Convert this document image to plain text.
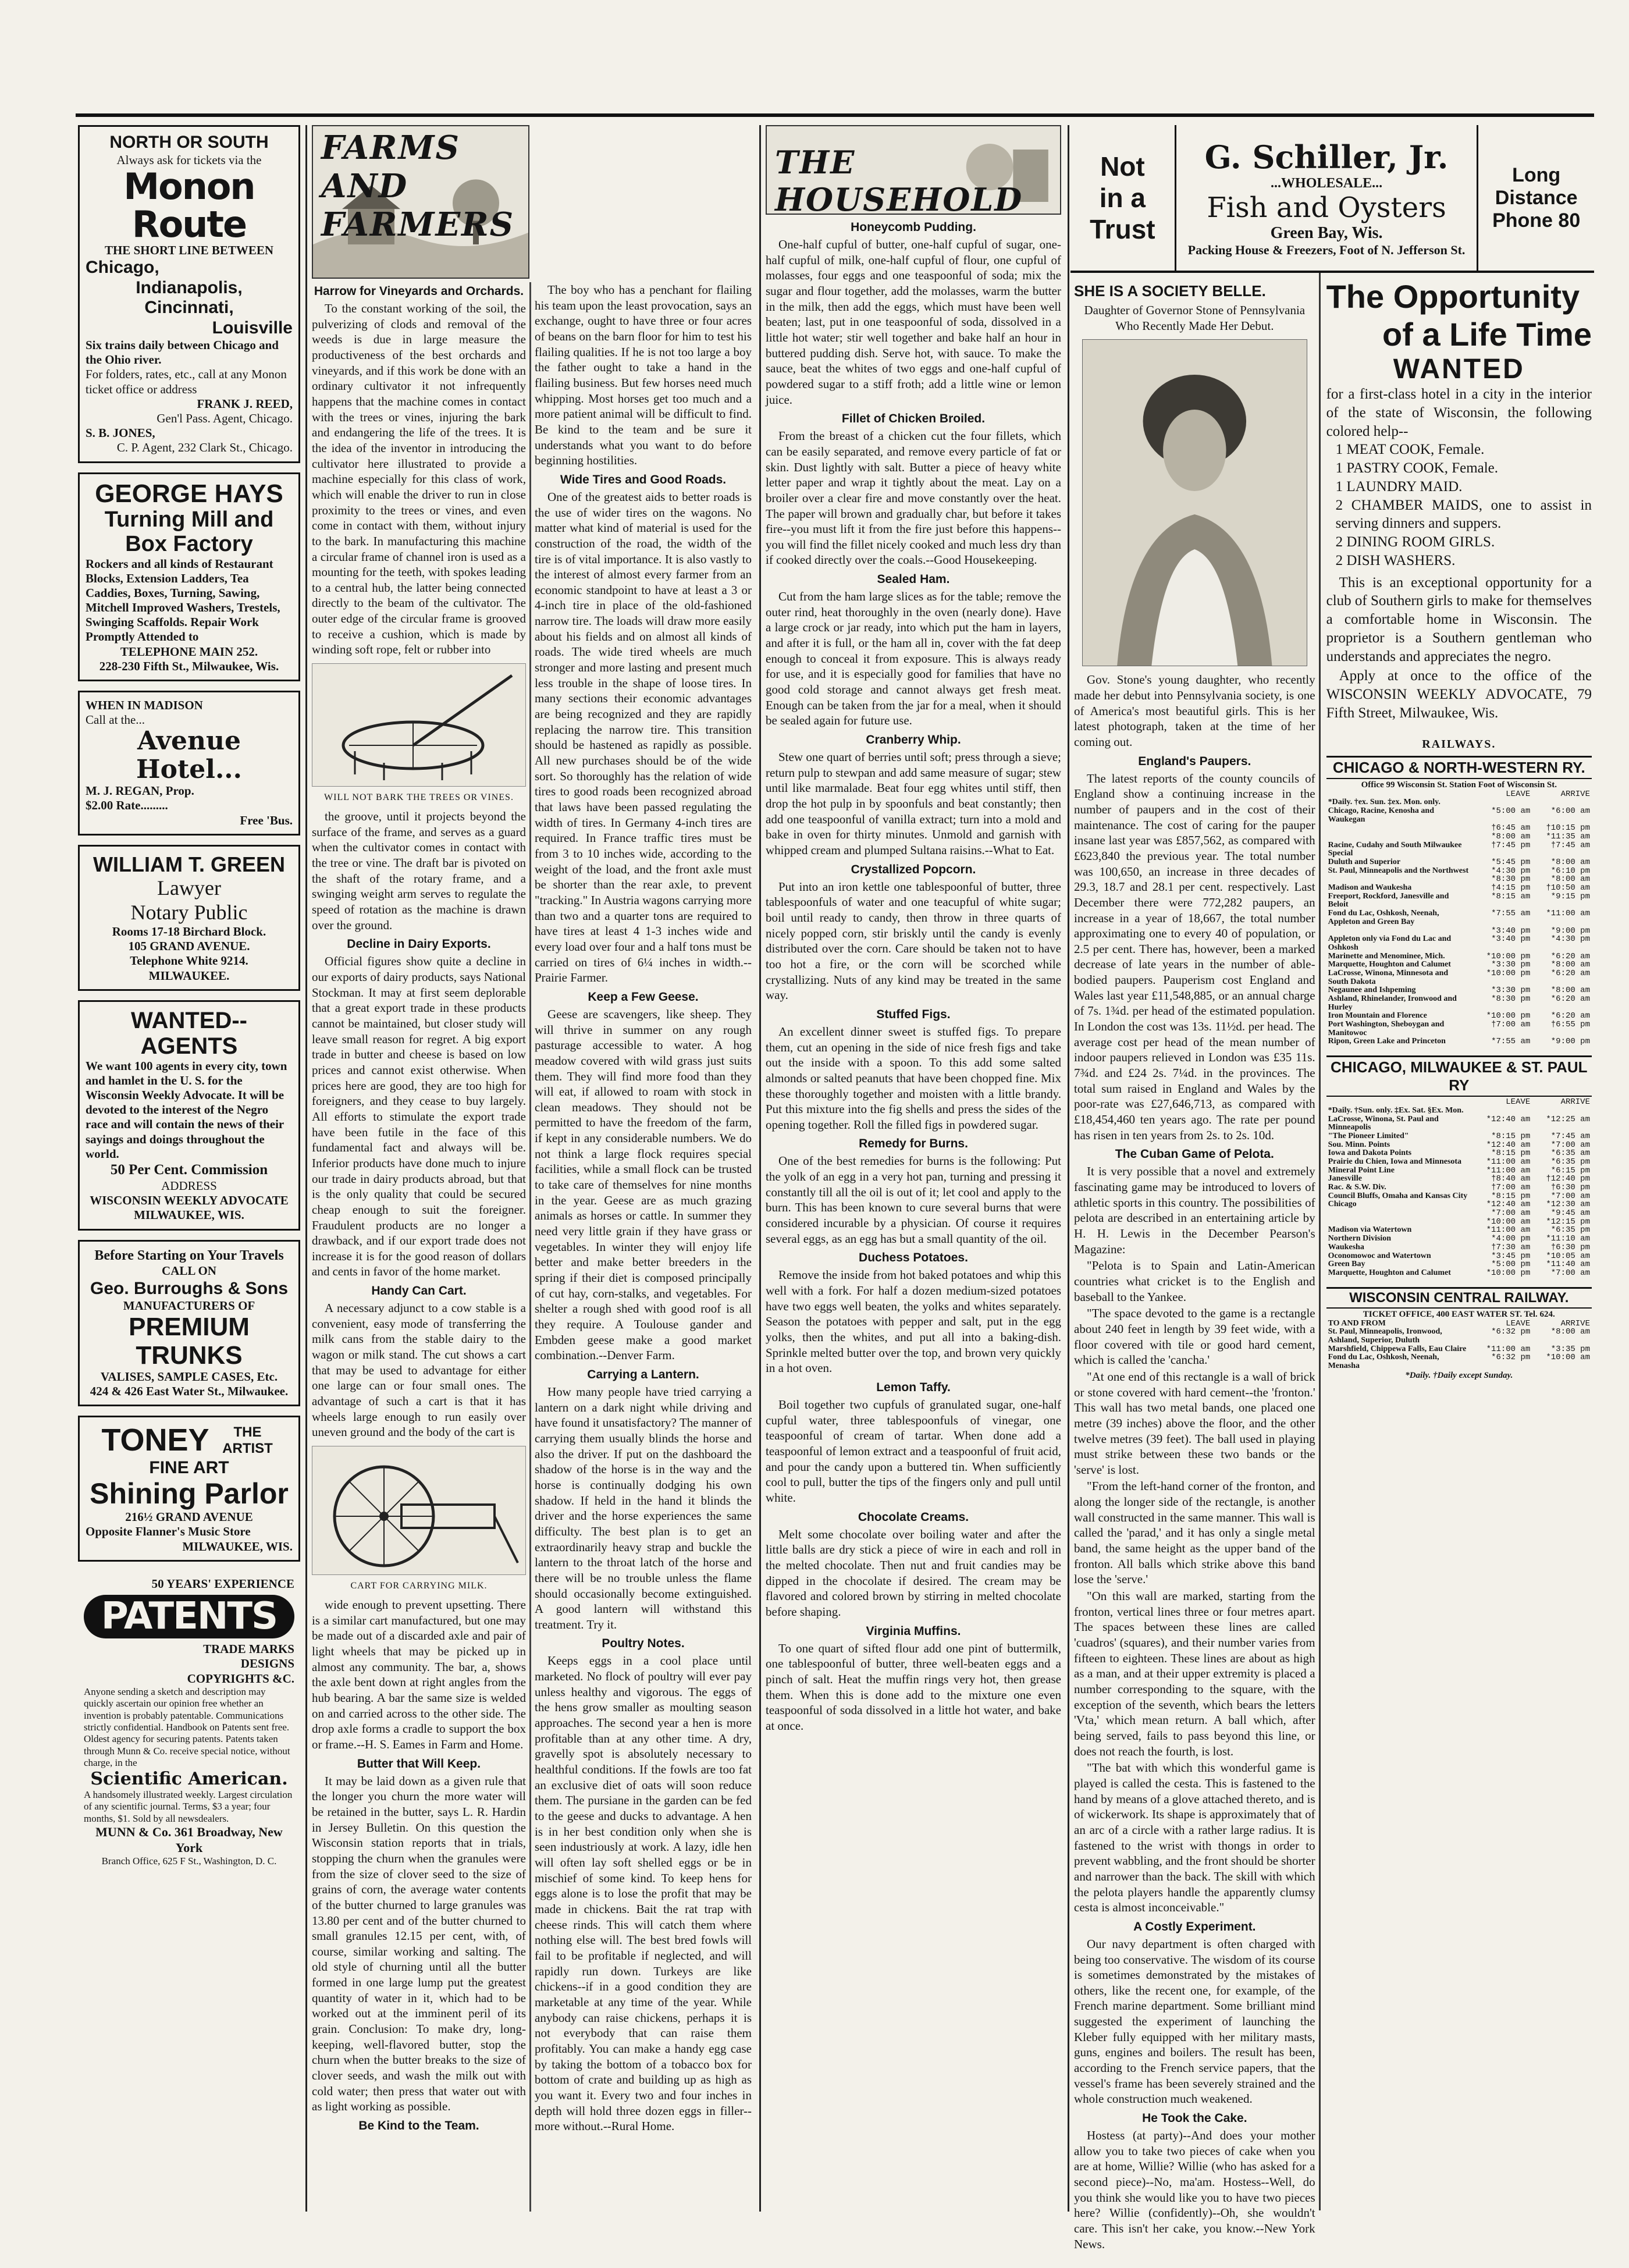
NORTH OR SOUTH
Always ask for tickets via the
Monon Route
THE SHORT LINE BETWEEN
Chicago,
Indianapolis,
Cincinnati,
Louisville
Six trains daily between Chicago and the Ohio river.
For folders, rates, etc., call at any Monon ticket office or address
FRANK J. REED,
Gen'l Pass. Agent, Chicago.
S. B. JONES,
C. P. Agent, 232 Clark St., Chicago.
GEORGE HAYS
Turning Mill and Box Factory
Rockers and all kinds of Restaurant Blocks, Extension Ladders, Tea Caddies, Boxes, Turning, Sawing, Mitchell Improved Washers, Trestels, Swinging Scaffolds. Repair Work Promptly Attended to
TELEPHONE MAIN 252.
228-230 Fifth St., Milwaukee, Wis.
WHEN IN MADISON
Call at the...
Avenue Hotel...
M. J. REGAN, Prop.
$2.00 Rate.........
Free 'Bus.
WILLIAM T. GREEN
Lawyer
Notary Public
Rooms 17-18 Birchard Block.
105 GRAND AVENUE.
Telephone White 9214.
MILWAUKEE.
WANTED--AGENTS
We want 100 agents in every city, town and hamlet in the U. S. for the Wisconsin Weekly Advocate. It will be devoted to the interest of the Negro race and will contain the news of their sayings and doings throughout the world.
50 Per Cent. Commission
ADDRESS
WISCONSIN WEEKLY ADVOCATE
MILWAUKEE, WIS.
Before Starting on Your Travels
CALL ON
Geo. Burroughs & Sons
MANUFACTURERS OF
PREMIUM TRUNKS
VALISES, SAMPLE CASES, Etc.
424 & 426 East Water St., Milwaukee.
TONEY	THE ARTIST
FINE ART
Shining Parlor
216½ GRAND AVENUE
Opposite Flanner's Music Store
MILWAUKEE, WIS.
50 YEARS' EXPERIENCE
PATENTS
TRADE MARKS
DESIGNS
COPYRIGHTS &C.
Anyone sending a sketch and description may quickly ascertain our opinion free whether an invention is probably patentable. Communications strictly confidential. Handbook on Patents sent free. Oldest agency for securing patents. Patents taken through Munn & Co. receive special notice, without charge, in the
Scientific American.
A handsomely illustrated weekly. Largest circulation of any scientific journal. Terms, $3 a year; four months, $1. Sold by all newsdealers.
MUNN & Co. 361 Broadway, New York
Branch Office, 625 F St., Washington, D. C.
FARMS AND FARMERS
Harrow for Vineyards and Orchards.

To the constant working of the soil, the pulverizing of clods and removal of the weeds is due in large measure the productiveness of the best orchards and vineyards, and if this work be done with an ordinary cultivator it not infrequently happens that the machine comes in contact with the trees or vines, injuring the bark and endangering the life of the trees. It is the idea of the inventor in introducing the cultivator here illustrated to provide a machine especially for this class of work, which will enable the driver to run in close proximity to the trees or vines, and even come in contact with them, without injury to the bark. In manufacturing this machine a circular frame of channel iron is used as a mounting for the teeth, with spokes leading to a central hub, the latter being connected directly to the beam of the cultivator. The outer edge of the circular frame is grooved to receive a cushion, which is made by winding soft rope, felt or rubber into

WILL NOT BARK THE TREES OR VINES.

the groove, until it projects beyond the surface of the frame, and serves as a guard when the cultivator comes in contact with the tree or vine. The draft bar is pivoted on the shaft of the rotary frame, and a swinging weight arm serves to regulate the speed of rotation as the machine is drawn over the ground.

Decline in Dairy Exports.

Official figures show quite a decline in our exports of dairy products, says National Stockman. It may at first seem deplorable that a great export trade in these products cannot be maintained, but closer study will leave small reason for regret. A big export trade in butter and cheese is based on low prices and cannot exist otherwise. When prices here are good, they are too high for foreigners, and they cease to buy largely. All efforts to stimulate the export trade have been futile in the face of this fundamental fact and always will be. Inferior products have done much to injure our trade in dairy products abroad, but that is the only quality that could be secured cheap enough to suit the foreigner. Fraudulent products are no longer a drawback, and if our export trade does not increase it is for the good reason of dollars and cents in favor of the home market.

Handy Can Cart.

A necessary adjunct to a cow stable is a convenient, easy mode of transferring the milk cans from the stable dairy to the wagon or milk stand. The cut shows a cart that may be used to advantage for either one large can or four small ones. The advantage of such a cart is that it has wheels large enough to run easily over uneven ground and the body of the cart is

CART FOR CARRYING MILK.

wide enough to prevent upsetting. There is a similar cart manufactured, but one may be made out of a discarded axle and pair of light wheels that may be picked up in almost any community. The bar, a, shows the axle bent down at right angles from the hub bearing. A bar the same size is welded on and carried across to the other side. The drop axle forms a cradle to support the box or frame.--H. S. Eames in Farm and Home.

Butter that Will Keep.

It may be laid down as a given rule that the longer you churn the more water will be retained in the butter, says L. R. Hardin in Jersey Bulletin. On this question the Wisconsin station reports that in trials, stopping the churn when the granules were from the size of clover seed to the size of grains of corn, the average water contents of the butter churned to large granules was 13.80 per cent and of the butter churned to small granules 12.15 per cent, with, of course, similar working and salting. The old style of churning until all the butter formed in one large lump put the greatest quantity of water in it, which had to be worked out at the imminent peril of its grain. Conclusion: To make dry, long-keeping, well-flavored butter, stop the churn when the butter breaks to the size of clover seeds, and wash the milk out with cold water; then press that water out with as light working as possible.

Be Kind to the Team.

The boy who has a penchant for flailing his team upon the least provocation, says an exchange, ought to have three or four acres of beans on the barn floor for him to test his flailing qualities. If he is not too large a boy the father ought to take a hand in the flailing business. But few horses need much whipping. Most horses get too much and a more patient animal will be difficult to find. Be kind to the team and be sure it understands what you want to do before beginning hostilities.

Wide Tires and Good Roads.

One of the greatest aids to better roads is the use of wider tires on the wagons. No matter what kind of material is used for the construction of the road, the width of the tire is of vital importance. It is also vastly to the interest of almost every farmer from an economic standpoint to have at least a 3 or 4-inch tire in place of the old-fashioned narrow tire. The loads will draw more easily about his fields and on almost all kinds of roads. The wide tired wheels are much stronger and more lasting and present much less trouble in the shape of loose tires. In many sections their economic advantages are being recognized and they are rapidly replacing the narrow tire. This transition should be hastened as rapidly as possible. All new purchases should be of the wide sort. So thoroughly has the relation of wide tires to good roads been recognized abroad that laws have been passed regulating the width of tires. In Germany 4-inch tires are required. In France traffic tires must be from 3 to 10 inches wide, according to the weight of the load, and the front axle must be shorter than the rear axle, to prevent "tracking." In Austria wagons carrying more than two and a quarter tons are required to have tires at least 4 1-3 inches wide and every load over four and a half tons must be carried on tires of 6¼ inches in width.--Prairie Farmer.

Keep a Few Geese.

Geese are scavengers, like sheep. They will thrive in summer on any rough pasturage accessible to water. A hog meadow covered with wild grass just suits them. They will find more food than they will eat, if allowed to roam with stock in clean meadows. They should not be permitted to have the freedom of the farm, if kept in any considerable numbers. We do not think a large flock requires special facilities, while a small flock can be trusted to take care of themselves for nine months in the year. Geese are as much grazing animals as horses or cattle. In summer they need very little grain if they have grass or vegetables. In winter they will enjoy life better and make better breeders in the spring if their diet is composed principally of cut hay, corn-stalks, and vegetables. For shelter a rough shed with good roof is all they require. A Toulouse gander and Embden geese make a good market combination.--Denver Farm.

Carrying a Lantern.

How many people have tried carrying a lantern on a dark night while driving and have found it unsatisfactory? The manner of carrying them usually blinds the horse and also the driver. If put on the dashboard the shadow of the horse is in the way and the horse is continually dodging his own shadow. If held in the hand it blinds the driver and the horse experiences the same difficulty. The best plan is to get an extraordinarily heavy strap and buckle the lantern to the throat latch of the horse and there will be no trouble unless the flame should occasionally become extinguished. A good lantern will withstand this treatment. Try it.

Poultry Notes.

Keeps eggs in a cool place until marketed. No flock of poultry will ever pay unless healthy and vigorous. The eggs of the hens grow smaller as moulting season approaches. The second year a hen is more profitable than at any other time. A dry, gravelly spot is absolutely necessary to healthful conditions. If the fowls are too fat an exclusive diet of oats will soon reduce them. The pursiane in the garden can be fed to the geese and ducks to advantage. A hen is in her best condition only when she is seen industriously at work. A lazy, idle hen will often lay soft shelled eggs or be in mischief of some kind. To keep hens for eggs alone is to lose the profit that may be made in chickens. Bait the rat trap with cheese rinds. This will catch them where nothing else will. The best bred fowls will fail to be profitable if neglected, and will rapidly run down. Turkeys are like chickens--if in a good condition they are marketable at any time of the year. While anybody can raise chickens, perhaps it is not everybody that can raise them profitably. You can make a handy egg case by taking the bottom of a tobacco box for bottom of crate and building up as high as you want it. Every two and four inches in depth will hold three dozen eggs in filler--more without.--Rural Home.

THE HOUSEHOLD
Honeycomb Pudding.

One-half cupful of butter, one-half cupful of sugar, one-half cupful of milk, one-half cupful of flour, one cupful of molasses, four eggs and one teaspoonful of soda; mix the sugar and flour together, add the molasses, warm the butter in the milk, then add the eggs, which must have been well beaten; last, put in one teaspoonful of soda, dissolved in a little hot water; stir well together and bake half an hour in buttered pudding dish. Serve hot, with sauce. To make the sauce, beat the whites of two eggs and one-half cupful of powdered sugar to a stiff froth; add a little wine or lemon juice.

Fillet of Chicken Broiled.

From the breast of a chicken cut the four fillets, which can be easily separated, and remove every particle of fat or skin. Dust lightly with salt. Butter a piece of heavy white letter paper and wrap it tightly about the meat. Lay on a broiler over a clear fire and move constantly over the heat. The paper will brown and gradually char, but before it takes fire--you must lift it from the fire just before this happens--you will find the fillet nicely cooked and much less dry than if cooked directly over the coals.--Good Housekeeping.

Sealed Ham.

Cut from the ham large slices as for the table; remove the outer rind, heat thoroughly in the oven (nearly done). Have a large crock or jar ready, into which put the ham in layers, and after it is full, or the ham all in, cover with the fat deep enough to conceal it from exposure. This is always ready for use, and it is especially good for families that have no good cold storage and cannot always get fresh meat. Enough can be taken from the jar for a meal, when it should be sealed again for future use.

Cranberry Whip.

Stew one quart of berries until soft; press through a sieve; return pulp to stewpan and add same measure of sugar; stew until like marmalade. Beat four egg whites until stiff, then drop the hot pulp in by spoonfuls and beat constantly; then add one teaspoonful of vanilla extract; turn into a mold and bake in oven for thirty minutes. Unmold and garnish with whipped cream and plumped Sultana raisins.--What to Eat.

Crystallized Popcorn.

Put into an iron kettle one tablespoonful of butter, three tablespoonfuls of water and one teacupful of white sugar; boil until ready to candy, then throw in three quarts of nicely popped corn, stir briskly until the candy is evenly distributed over the corn. Care should be taken not to have too hot a fire, or the corn will be scorched while crystallizing. Nuts of any kind may be treated in the same way.

Stuffed Figs.

An excellent dinner sweet is stuffed figs. To prepare them, cut an opening in the side of nice fresh figs and take out the inside with a spoon. To this add some salted almonds or salted peanuts that have been chopped fine. Mix these thoroughly together and moisten with a little brandy. Put this mixture into the fig shells and press the sides of the opening together. Roll the filled figs in powdered sugar.

Remedy for Burns.

One of the best remedies for burns is the following: Put the yolk of an egg in a very hot pan, turning and pressing it constantly till all the oil is out of it; let cool and apply to the burn. This has been known to cure several burns that were considered incurable by a physician. Of course it requires several eggs, as an egg has but a small quantity of the oil.

Duchess Potatoes.

Remove the inside from hot baked potatoes and whip this well with a fork. For half a dozen medium-sized potatoes have two eggs well beaten, the yolks and whites separately. Season the potatoes with pepper and salt, put in the egg yolks, then the whites, and put all into a baking-dish. Sprinkle melted butter over the top, and brown very quickly in a hot oven.

Lemon Taffy.

Boil together two cupfuls of granulated sugar, one-half cupful water, three tablespoonfuls of vinegar, one teaspoonful of cream of tartar. When done add a teaspoonful of lemon extract and a teaspoonful of fruit acid, and pour the candy upon a buttered tin. When sufficiently cool to pull, butter the tips of the fingers only and pull until white.

Chocolate Creams.

Melt some chocolate over boiling water and after the little balls are dry stick a piece of wire in each and roll in the melted chocolate. Then nut and fruit candies may be dipped in the chocolate if desired. The cream may be flavored and colored brown by stirring in melted chocolate before shaping.

Virginia Muffins.

To one quart of sifted flour add one pint of buttermilk, one tablespoonful of butter, three well-beaten eggs and a pinch of salt. Heat the muffin rings very hot, then grease them. When this is done add to the mixture one even teaspoonful of soda dissolved in a little hot water, and bake at once.

Not
in a
Trust
G. Schiller, Jr.
...WHOLESALE...
Fish and Oysters
Green Bay, Wis.
Packing House & Freezers, Foot of N. Jefferson St.
Long
Distance
Phone 80
SHE IS A SOCIETY BELLE.
Daughter of Governor Stone of Pennsylvania Who Recently Made Her Debut.

Gov. Stone's young daughter, who recently made her debut into Pennsylvania society, is one of America's most beautiful girls. This is her latest photograph, taken at the time of her coming out.

England's Paupers.

The latest reports of the county councils of England show a continuing increase in the number of paupers and in the cost of their maintenance. The cost of caring for the pauper insane last year was £857,562, as compared with £623,840 the previous year. The total number was 100,650, an increase in three decades of 29.3, 18.7 and 28.1 per cent. respectively. Last December there were 772,282 paupers, an increase in a year of 18,667, the total number approximating one to every 40 of population, or 2.5 per cent. There has, however, been a marked decrease of late years in the number of able-bodied paupers. Pauperism cost England and Wales last year £11,548,885, or an annual charge of 7s. 1¾d. per head of the estimated population. In London the cost was 13s. 11½d. per head. The average cost per head of the mean number of indoor paupers relieved in London was £35 11s. 7¾d. and £24 2s. 7¼d. in the provinces. The total sum raised in England and Wales by the poor-rate was £27,646,713, as compared with £18,454,460 ten years ago. The rate per pound has risen in ten years from 2s. to 2s. 10d.

The Cuban Game of Pelota.

It is very possible that a novel and extremely fascinating game may be introduced to lovers of athletic sports in this country. The possibilities of pelota are described in an entertaining article by H. H. Lewis in the December Pearson's Magazine:

"Pelota is to Spain and Latin-American countries what cricket is to the English and baseball to the Yankee.

"The space devoted to the game is a rectangle about 240 feet in length by 39 feet wide, with a floor covered with tile or good hard cement, which is called the 'cancha.'

"At one end of this rectangle is a wall of brick or stone covered with hard cement--the 'fronton.' This wall has two metal bands, one placed one metre (39 inches) above the floor, and the other twelve metres (39 feet). The ball used in playing must strike between these two bands or the 'serve' is lost.

"From the left-hand corner of the fronton, and along the longer side of the rectangle, is another wall constructed in the same manner. This wall is called the 'parad,' and it has only a single metal band, the same height as the upper band of the fronton. All balls which strike above this band lose the 'serve.'

"On this wall are marked, starting from the fronton, vertical lines three or four metres apart. The spaces between these lines are called 'cuadros' (squares), and their number varies from fifteen to eighteen. These lines are about as high as a man, and at their upper extremity is placed a number corresponding to the square, with the exception of the seventh, which bears the letters 'Vta,' which mean return. A ball which, after being served, fails to pass beyond this line, or does not reach the fourth, is lost.

"The bat with which this wonderful game is played is called the cesta. This is fastened to the hand by means of a glove attached thereto, and is of wickerwork. Its shape is approximately that of an arc of a circle with a rather large radius. It is fastened to the wrist with thongs in order to prevent wabbling, and the front should be shorter and narrower than the back. The skill with which the pelota players handle the apparently clumsy cesta is almost inconceivable."

A Costly Experiment.

Our navy department is often charged with being too conservative. The wisdom of its course is sometimes demonstrated by the mistakes of others, like the recent one, for example, of the French marine department. Some brilliant mind suggested the experiment of launching the Kleber fully equipped with her military masts, guns, engines and boilers. The result has been, according to the French service papers, that the vessel's frame has been severely strained and the whole construction much weakened.

He Took the Cake.

Hostess (at party)--And does your mother allow you to take two pieces of cake when you are at home, Willie? Willie (who has asked for a second piece)--No, ma'am. Hostess--Well, do you think she would like you to have two pieces here? Willie (confidently)--Oh, she wouldn't care. This isn't her cake, you know.--New York News.

The Opportunity
of a Life Time
WANTED
for a first-class hotel in a city in the interior of the state of Wisconsin, the following colored help--
1 MEAT COOK, Female.
1 PASTRY COOK, Female.
1 LAUNDRY MAID.
2 CHAMBER MAIDS, one to assist in serving dinners and suppers.
2 DINING ROOM GIRLS.
2 DISH WASHERS.

This is an exceptional opportunity for a club of Southern girls to make for themselves a comfortable home in Wisconsin. The proprietor is a Southern gentleman who understands and appreciates the negro.

Apply at once to the office of the WISCONSIN WEEKLY ADVOCATE, 79 Fifth Street, Milwaukee, Wis.

RAILWAYS.
CHICAGO & NORTH-WESTERN RY.
Office 99 Wisconsin St. Station Foot of Wisconsin St.
	LEAVE	ARRIVE
*Daily. †ex. Sun. ‡ex. Mon. only.		
Chicago, Racine, Kenosha and Waukegan	*5:00 am	*6:00 am
	†6:45 am	†10:15 pm
	*8:00 am	*11:35 am
Racine, Cudahy and South Milwaukee Special	†7:45 pm	†7:45 am
Duluth and Superior	*5:45 pm	*8:00 am
St. Paul, Minneapolis and the Northwest	*4:30 pm	*6:10 pm
	*8:30 pm	*8:00 am
Madison and Waukesha	†4:15 pm	†10:50 am
Freeport, Rockford, Janesville and Beloit	*8:15 am	*9:15 pm
Fond du Lac, Oshkosh, Neenah, Appleton and Green Bay	*7:55 am	*11:00 am
	*3:40 pm	*9:00 pm
Appleton only via Fond du Lac and Oshkosh	*3:40 pm	*4:30 pm
Marinette and Menominee, Mich.	*10:00 pm	*6:20 am
Marquette, Houghton and Calumet	*3:30 pm	*8:00 am
LaCrosse, Winona, Minnesota and South Dakota	*10:00 pm	*6:20 am
Negaunee and Ishpeming	*3:30 pm	*8:00 am
Ashland, Rhinelander, Ironwood and Hurley	*8:30 pm	*6:20 am
Iron Mountain and Florence	*10:00 pm	*6:20 am
Port Washington, Sheboygan and Manitowoc	†7:00 am	†6:55 pm
Ripon, Green Lake and Princeton	*7:55 am	*9:00 pm
CHICAGO, MILWAUKEE & ST. PAUL RY
	LEAVE	ARRIVE
*Daily. †Sun. only. ‡Ex. Sat. §Ex. Mon.		
LaCrosse, Winona, St. Paul and Minneapolis	*12:40 am	*12:25 am
"The Pioneer Limited"	*8:15 pm	*7:45 am
Sou. Minn. Points	*12:40 am	*7:00 am
Iowa and Dakota Points	*8:15 pm	*6:35 am
Prairie du Chien, Iowa and Minnesota	*11:00 am	*6:35 pm
Mineral Point Line	*11:00 am	*6:15 pm
Janesville	†8:40 am	†12:40 pm
Rac. & S.W. Div.	†7:00 am	†6:30 pm
Council Bluffs, Omaha and Kansas City	*8:15 pm	*7:00 am
Chicago	*12:40 am	*12:30 am
	*7:00 am	*9:45 am
	*10:00 am	*12:15 pm
Madison via Watertown	*11:00 am	*6:35 pm
Northern Division	*4:00 pm	*11:10 am
Waukesha	†7:30 am	†6:30 pm
Oconomowoc and Watertown	*3:45 pm	*10:05 am
Green Bay	*5:00 pm	*11:40 am
Marquette, Houghton and Calumet	*10:00 pm	*7:00 am
WISCONSIN CENTRAL RAILWAY.
TICKET OFFICE, 400 EAST WATER ST. Tel. 624.
TO AND FROM	LEAVE	ARRIVE
St. Paul, Minneapolis, Ironwood, Ashland, Superior, Duluth	*6:32 pm	*8:00 am
Marshfield, Chippewa Falls, Eau Claire	*11:00 am	*3:35 pm
Fond du Lac, Oshkosh, Neenah, Menasha	*6:32 pm	*10:00 am
*Daily. †Daily except Sunday.
